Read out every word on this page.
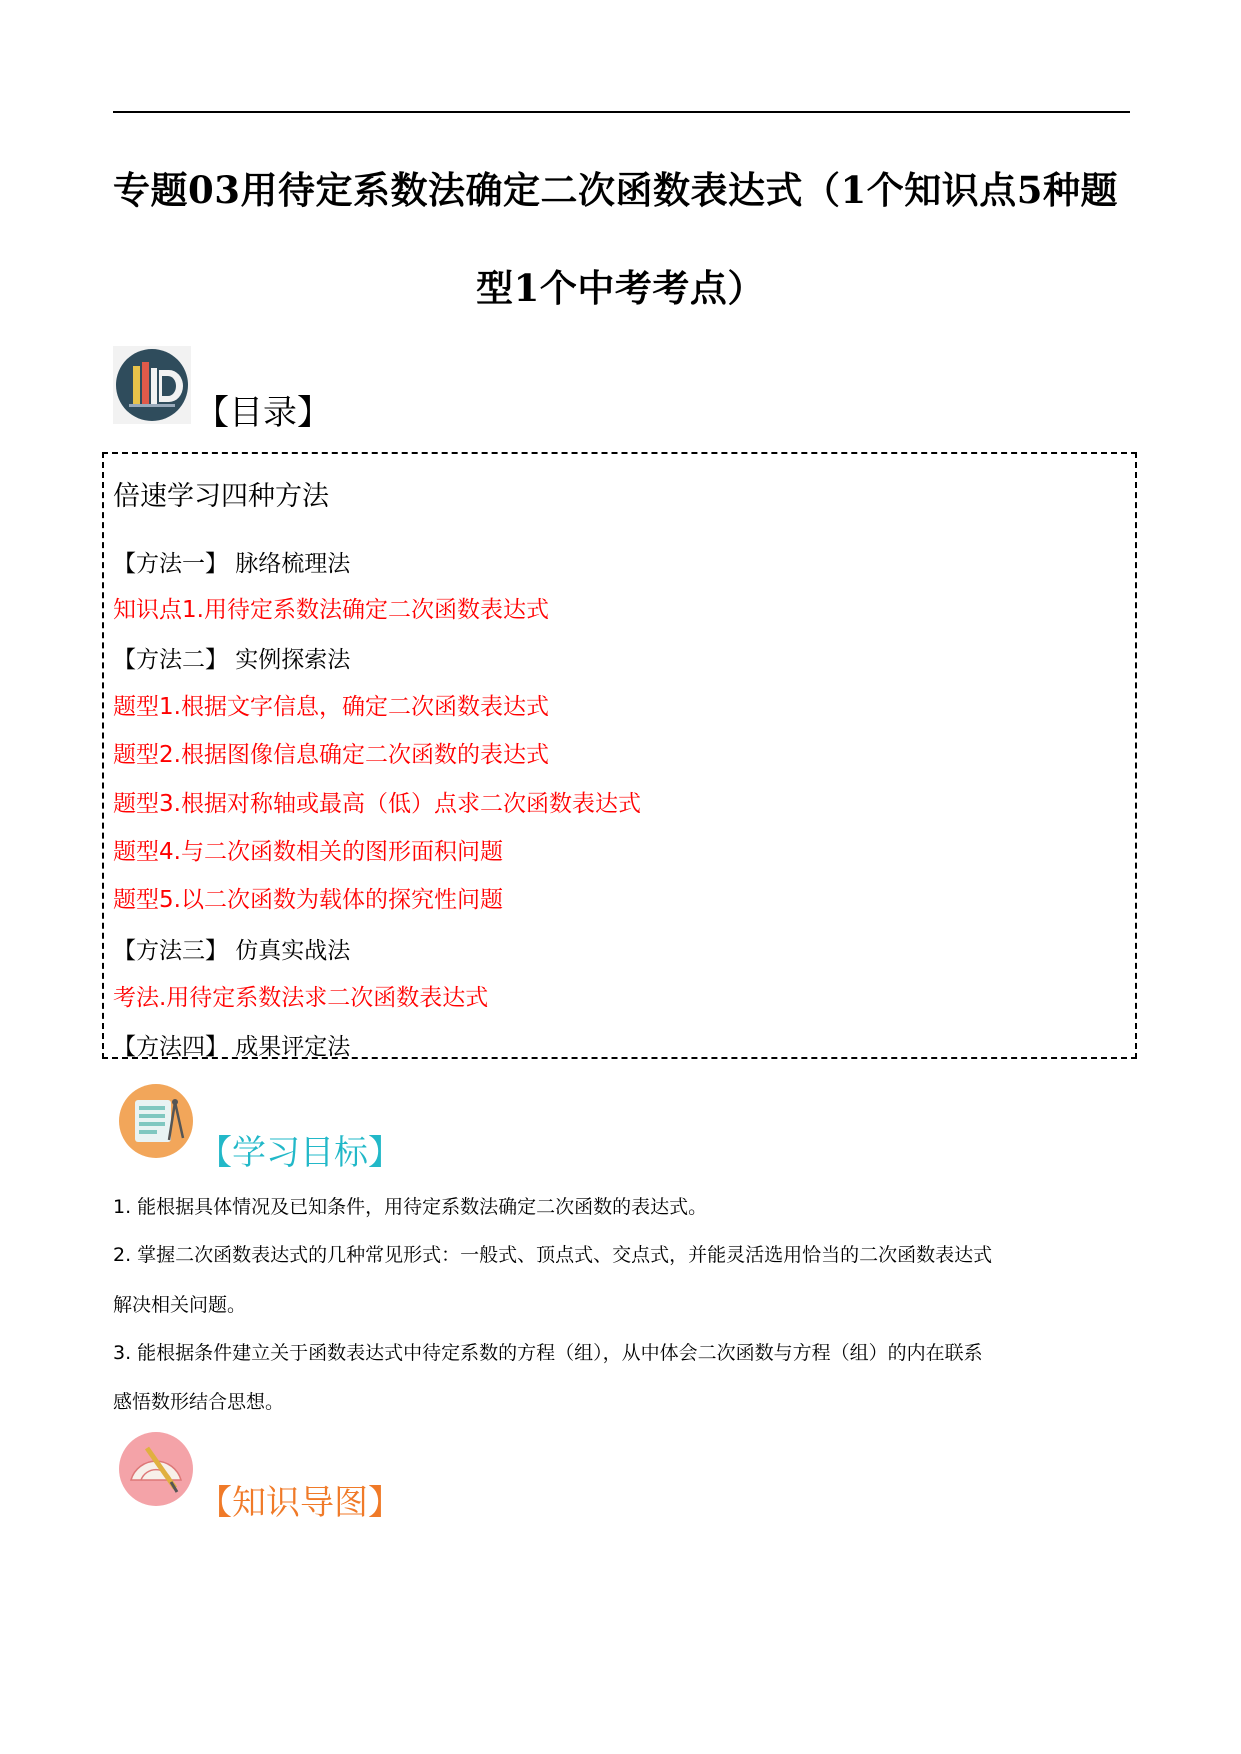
专题03用待定系数法确定二次函数表达式（1个知识点5种题
型1个中考考点）
【目录】
倍速学习四种方法
【方法一】 脉络梳理法
知识点1.用待定系数法确定二次函数表达式
【方法二】 实例探索法
题型1.根据文字信息，确定二次函数表达式
题型2.根据图像信息确定二次函数的表达式
题型3.根据对称轴或最高（低）点求二次函数表达式
题型4.与二次函数相关的图形面积问题
题型5.以二次函数为载体的探究性问题
【方法三】 仿真实战法
考法.用待定系数法求二次函数表达式
【方法四】 成果评定法
【学习目标】
1. 能根据具体情况及已知条件，用待定系数法确定二次函数的表达式。
2. 掌握二次函数表达式的几种常见形式：一般式、顶点式、交点式，并能灵活选用恰当的二次函数表达式
解决相关问题。
3. 能根据条件建立关于函数表达式中待定系数的方程（组），从中体会二次函数与方程（组）的内在联系
感悟数形结合思想。
【知识导图】
